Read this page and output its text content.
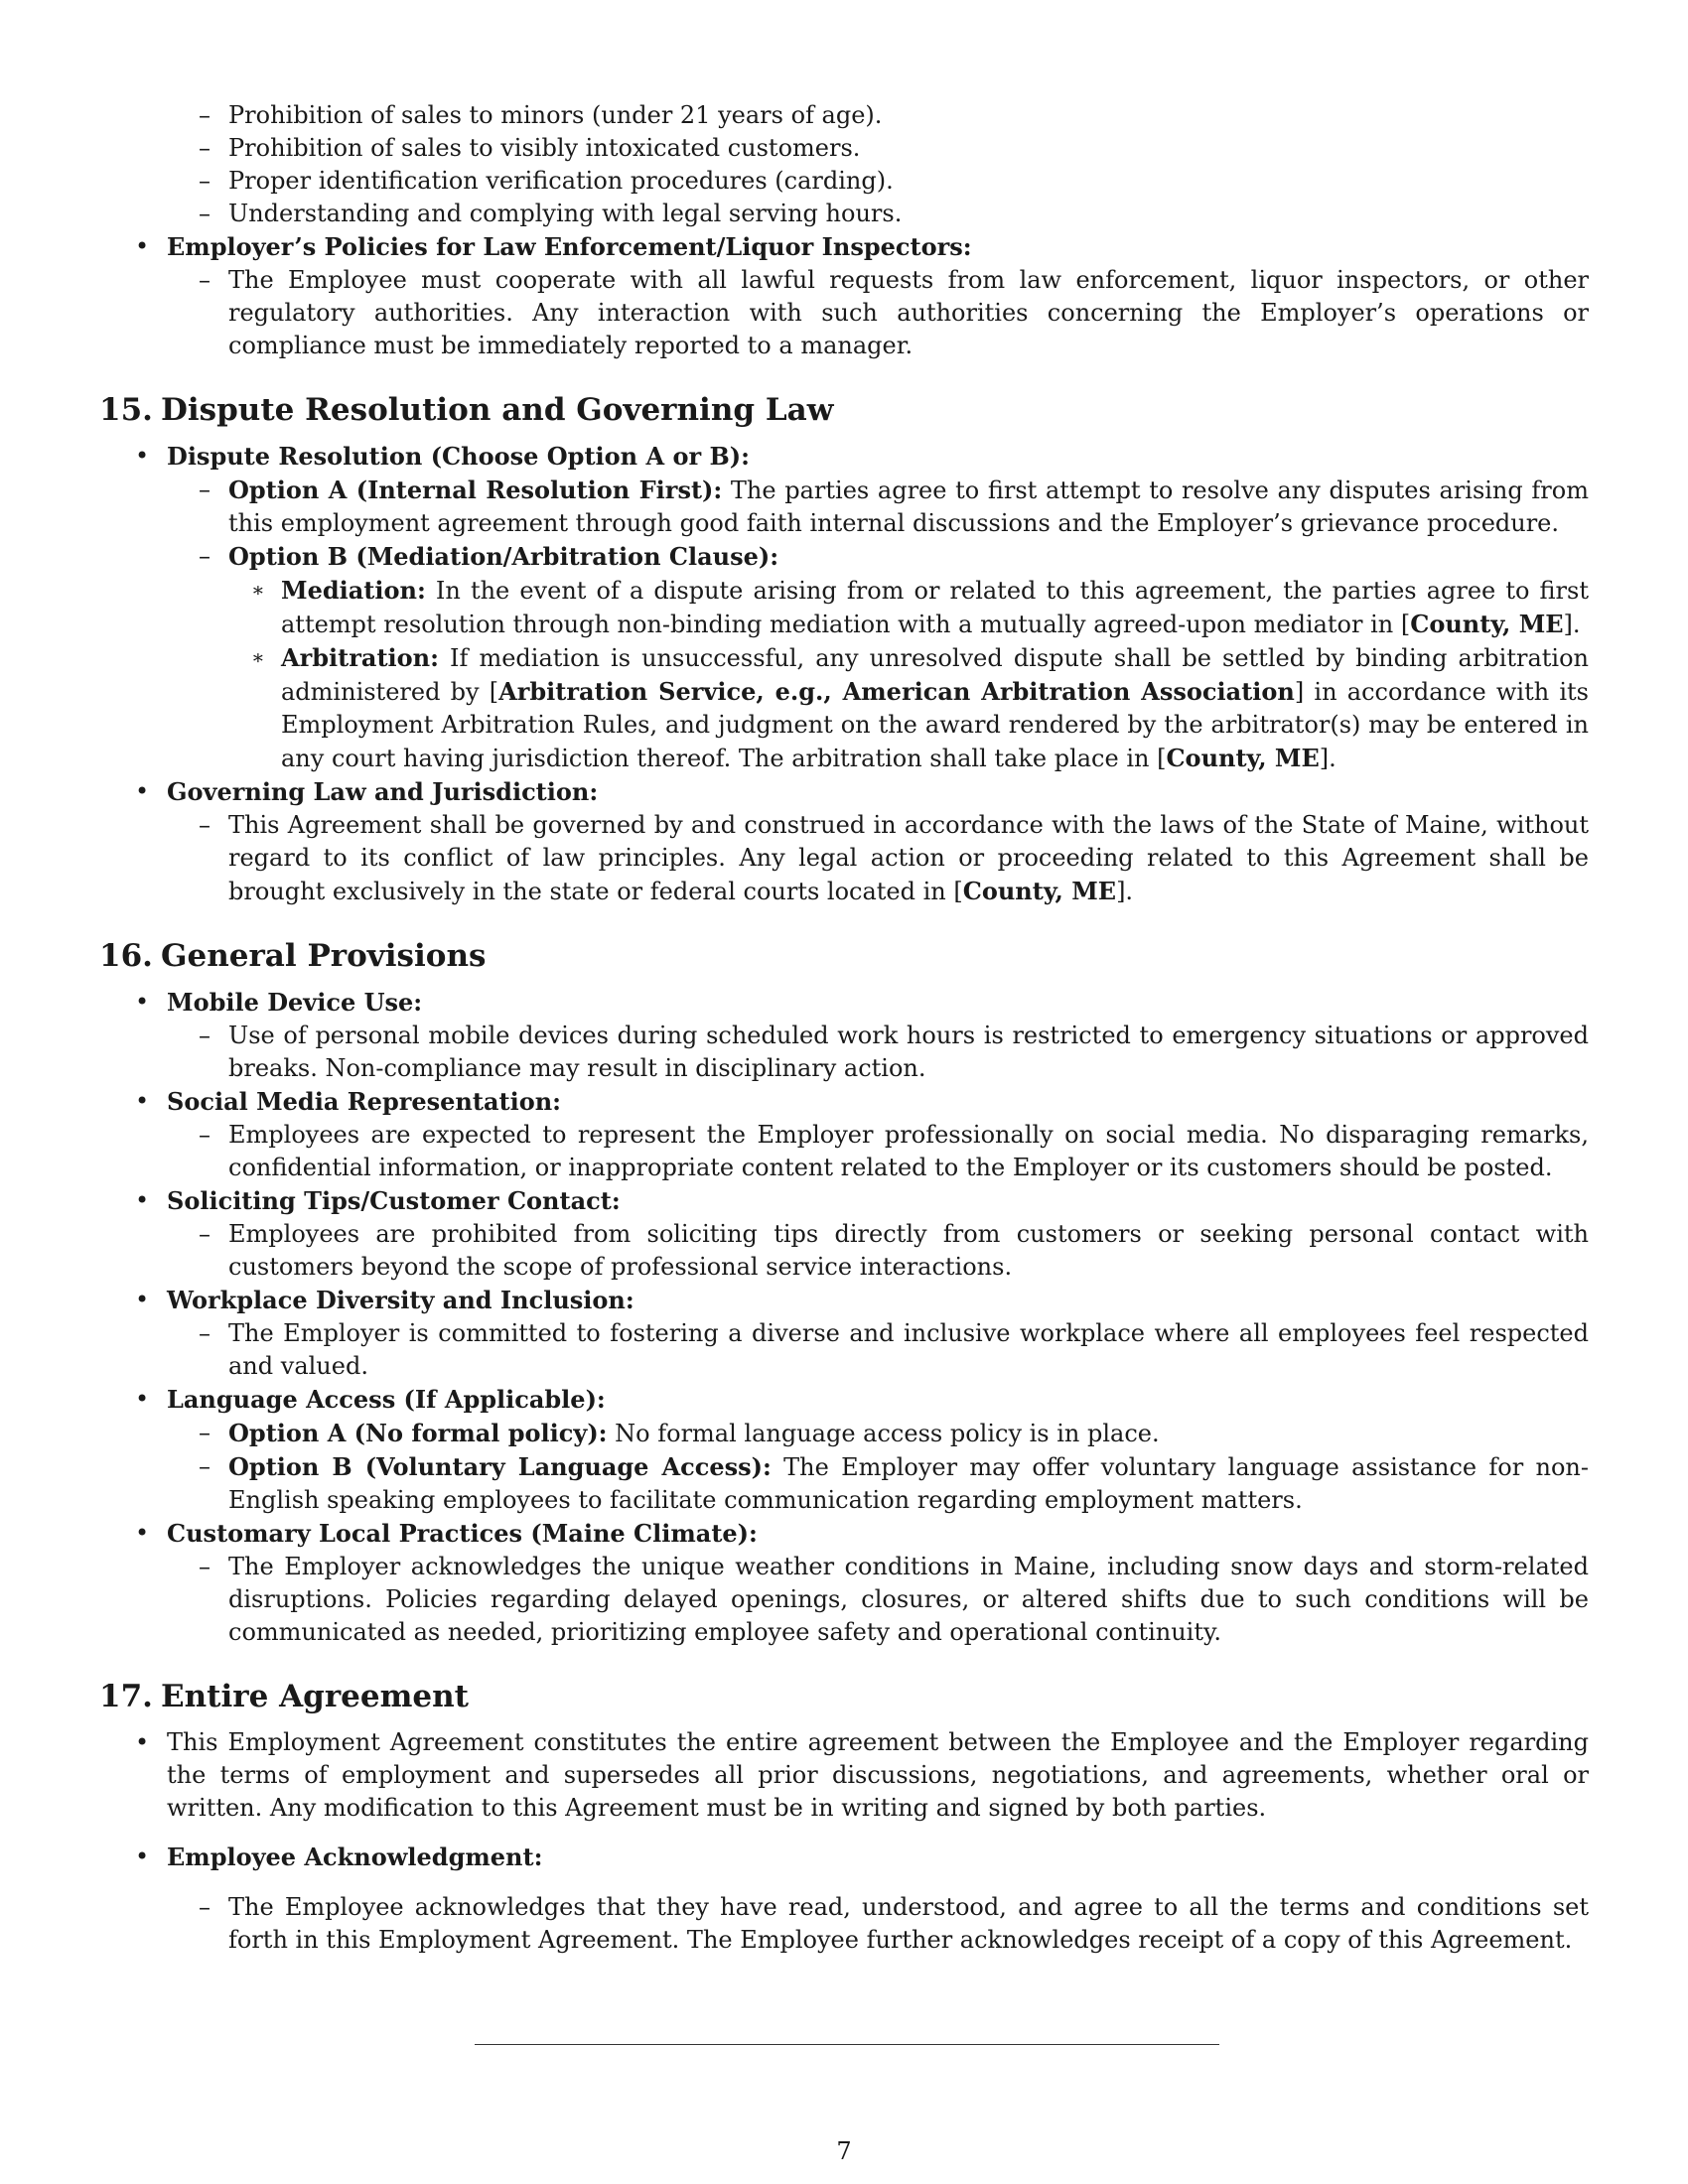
– Prohibition of sales to minors (under 21 years of age).
– Prohibition of sales to visibly intoxicated customers.
– Proper identification verification procedures (carding).
– Understanding and complying with legal serving hours.
• Employer’s Policies for Law Enforcement/Liquor Inspectors:
– The Employee must cooperate with all lawful requests from law enforcement, liquor inspectors, or other regulatory authorities. Any interaction with such authorities concerning the Employer’s operations or compliance must be immediately reported to a manager.
15. Dispute Resolution and Governing Law
• Dispute Resolution (Choose Option A or B):
– Option A (Internal Resolution First): The parties agree to first attempt to resolve any disputes arising from this employment agreement through good faith internal discussions and the Employer’s grievance procedure.
– Option B (Mediation/Arbitration Clause):
∗ Mediation: In the event of a dispute arising from or related to this agreement, the parties agree to first attempt resolution through non-binding mediation with a mutually agreed-upon mediator in [County, ME].
∗ Arbitration: If mediation is unsuccessful, any unresolved dispute shall be settled by binding arbitration administered by [Arbitration Service, e.g., American Arbitration Association] in accordance with its Employment Arbitration Rules, and judgment on the award rendered by the arbitrator(s) may be entered in any court having jurisdiction thereof. The arbitration shall take place in [County, ME].
• Governing Law and Jurisdiction:
– This Agreement shall be governed by and construed in accordance with the laws of the State of Maine, without regard to its conflict of law principles. Any legal action or proceeding related to this Agreement shall be brought exclusively in the state or federal courts located in [County, ME].
16. General Provisions
• Mobile Device Use:
– Use of personal mobile devices during scheduled work hours is restricted to emergency situations or approved breaks. Non-compliance may result in disciplinary action.
• Social Media Representation:
– Employees are expected to represent the Employer professionally on social media. No disparaging remarks, confidential information, or inappropriate content related to the Employer or its customers should be posted.
• Soliciting Tips/Customer Contact:
– Employees are prohibited from soliciting tips directly from customers or seeking personal contact with customers beyond the scope of professional service interactions.
• Workplace Diversity and Inclusion:
– The Employer is committed to fostering a diverse and inclusive workplace where all employees feel respected and valued.
• Language Access (If Applicable):
– Option A (No formal policy): No formal language access policy is in place.
– Option B (Voluntary Language Access): The Employer may offer voluntary language assistance for non-English speaking employees to facilitate communication regarding employment matters.
• Customary Local Practices (Maine Climate):
– The Employer acknowledges the unique weather conditions in Maine, including snow days and storm-related disruptions. Policies regarding delayed openings, closures, or altered shifts due to such conditions will be communicated as needed, prioritizing employee safety and operational continuity.
17. Entire Agreement
• This Employment Agreement constitutes the entire agreement between the Employee and the Employer regarding the terms of employment and supersedes all prior discussions, negotiations, and agreements, whether oral or written. Any modification to this Agreement must be in writing and signed by both parties.
• Employee Acknowledgment:
– The Employee acknowledges that they have read, understood, and agree to all the terms and conditions set forth in this Employment Agreement. The Employee further acknowledges receipt of a copy of this Agreement.
7
